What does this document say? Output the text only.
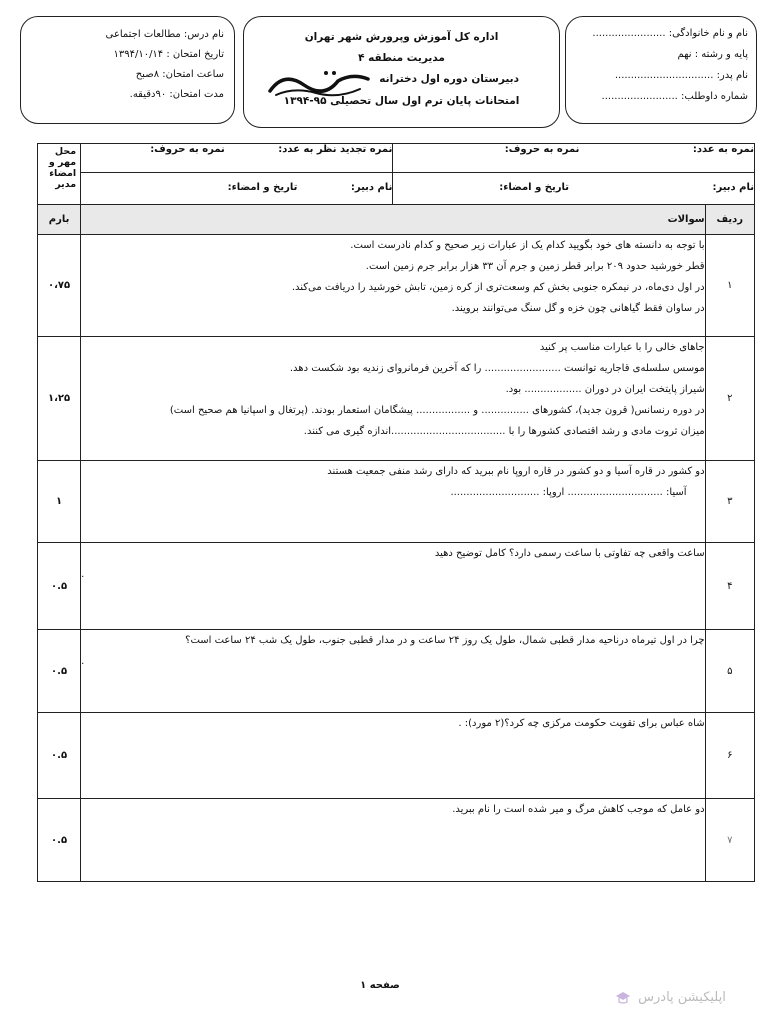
نام و نام خانوادگی: .......................
پایه و رشته : نهم
نام پدر: ...............................
شماره داوطلب: ........................
اداره کل آموزش وپرورش شهر تهران
مدیریت منطقه ۴
دبیرستان دوره اول دخترانه
امتحانات پایان ترم اول سال تحصیلی ۹۵-۱۳۹۴
نام درس: مطالعات اجتماعی
تاریخ امتحان : ۱۳۹۴/۱۰/۱۴
ساعت امتحان: ۸صبح
مدت امتحان: ۹۰دقیقه.
نمره به عدد: نمره به حروف:		نمره تجدید نظر به عدد: نمره به حروف:	محل مهر و امضاء مدیر
نام دبیر: تاریخ و امضاء:		نام دبیر: تاریخ و امضاء:	
ردیف	سوالات		بارم
۱	با توجه به دانسته های خود بگویید کدام یک از عبارات زیر صحیح و کدام نادرست است.
قطر خورشید حدود ۲۰۹ برابر قطر زمین و جرم آن ۳۳ هزار برابر جرم زمین است.
در اول دی‌ماه، در نیمکره جنوبی بخش کم وسعت‌تری از کره زمین، تابش خورشید را دریافت می‌کند.
در ساوان فقط گیاهانی چون خزه و گل سنگ می‌توانند برویند.		۰،۷۵
۲	جاهای خالی را با عبارات مناسب پر کنید
موسس سلسله‌ی قاجاریه توانست ........................ را که آخرین فرمانروای زندیه بود شکست دهد.
شیراز پایتخت ایران در دوران .................. بود.
در دوره رنسانس( قرون جدید)، کشورهای ............... و ................. پیشگامان استعمار بودند. (پرتغال و اسپانیا هم صحیح است)
میزان ثروت مادی و رشد اقتصادی کشورها را با ....................................اندازه گیری می کنند.		۱،۲۵
۳	دو کشور در قاره آسیا و دو کشور در قاره اروپا نام ببرید که دارای رشد منفی جمعیت هستند
آسیا: .............................. اروپا: ............................		۱
۴	ساعت واقعی چه تفاوتی با ساعت رسمی دارد؟ کامل توضیح دهید
.		۰.۵
۵	چرا در اول تیرماه درناحیه مدار قطبی شمال، طول یک روز ۲۴ ساعت و در مدار قطبی جنوب، طول یک شب ۲۴ ساعت است؟
.		۰.۵
۶	شاه عباس برای تقویت حکومت مرکزی چه کرد؟(۲ مورد): .		۰.۵
۷	دو عامل که موجب کاهش مرگ و میر شده است را نام ببرید.		۰.۵
صفحه ۱
اپلیکیشن پادرس
